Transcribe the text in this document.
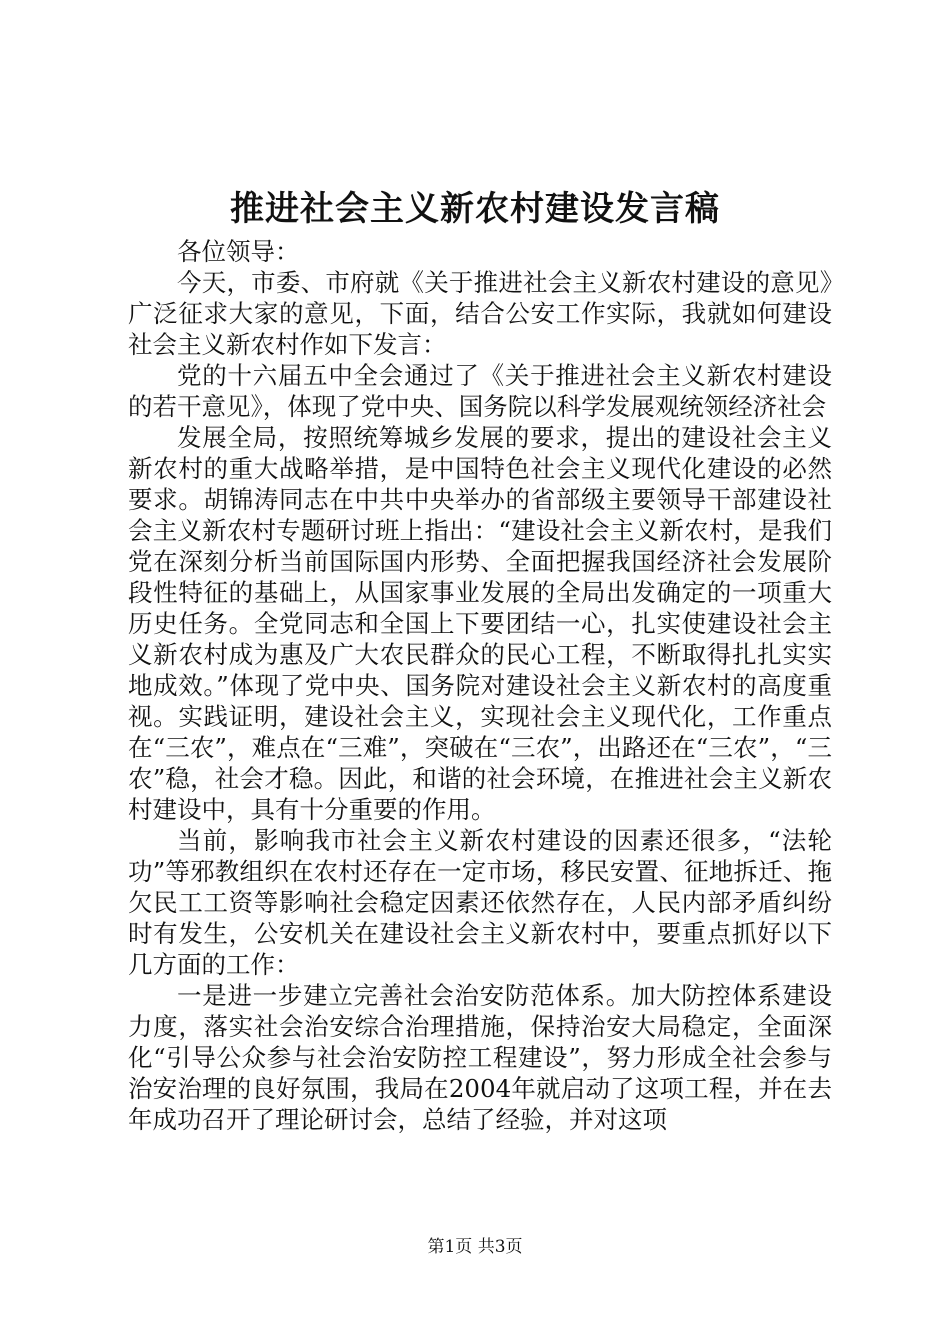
推进社会主义新农村建设发言稿

各位领导：

今天，市委、市府就《关于推进社会主义新农村建设的意见》广泛征求大家的意见，下面，结合公安工作实际，我就如何建设社会主义新农村作如下发言：

党的十六届五中全会通过了《关于推进社会主义新农村建设的若干意见》，体现了党中央、国务院以科学发展观统领经济社会

发展全局，按照统筹城乡发展的要求，提出的建设社会主义新农村的重大战略举措，是中国特色社会主义现代化建设的必然要求。胡锦涛同志在中共中央举办的省部级主要领导干部建设社会主义新农村专题研讨班上指出：“建设社会主义新农村，是我们党在深刻分析当前国际国内形势、全面把握我国经济社会发展阶段性特征的基础上，从国家事业发展的全局出发确定的一项重大历史任务。全党同志和全国上下要团结一心，扎实使建设社会主义新农村成为惠及广大农民群众的民心工程，不断取得扎扎实实地成效。”体现了党中央、国务院对建设社会主义新农村的高度重视。实践证明，建设社会主义，实现社会主义现代化，工作重点在“三农”，难点在“三难”，突破在“三农”，出路还在“三农”，“三农”稳，社会才稳。因此，和谐的社会环境，在推进社会主义新农村建设中，具有十分重要的作用。

当前，影响我市社会主义新农村建设的因素还很多，“法轮功”等邪教组织在农村还存在一定市场，移民安置、征地拆迁、拖欠民工工资等影响社会稳定因素还依然存在，人民内部矛盾纠纷时有发生，公安机关在建设社会主义新农村中，要重点抓好以下几方面的工作：

一是进一步建立完善社会治安防范体系。加大防控体系建设力度，落实社会治安综合治理措施，保持治安大局稳定，全面深化“引导公众参与社会治安防控工程建设”，努力形成全社会参与治安治理的良好氛围，我局在2004年就启动了这项工程，并在去年成功召开了理论研讨会，总结了经验，并对这项

第1页 共3页
